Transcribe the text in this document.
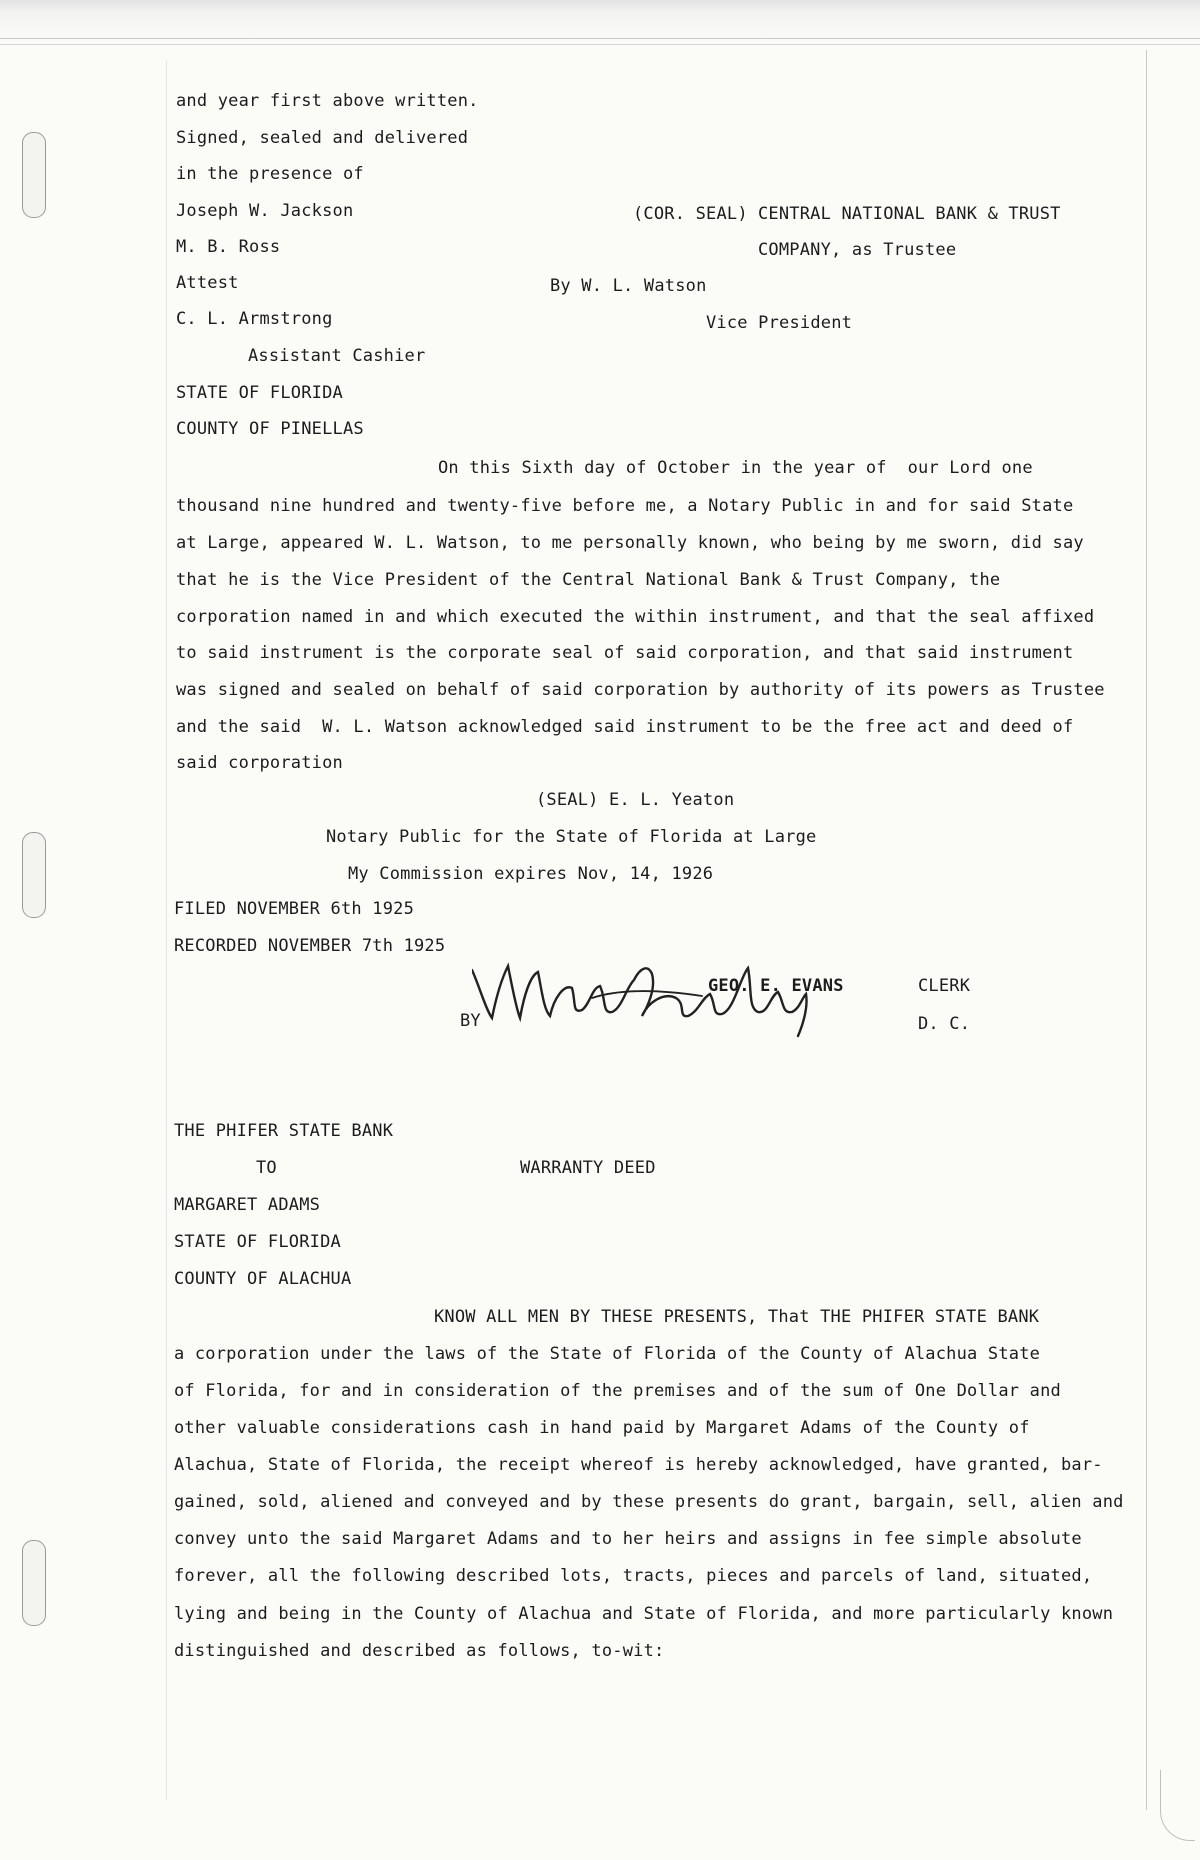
and year first above written.
Signed, sealed and delivered
in the presence of
Joseph W. Jackson	(COR. SEAL) CENTRAL NATIONAL BANK & TRUST
M. B. Ross	COMPANY, as Trustee
Attest	By W. L. Watson
C. L. Armstrong	Vice President
Assistant Cashier
STATE OF FLORIDA
COUNTY OF PINELLAS
On this Sixth day of October in the year of  our Lord one
thousand nine hundred and twenty-five before me, a Notary Public in and for said State
at Large, appeared W. L. Watson, to me personally known, who being by me sworn, did say
that he is the Vice President of the Central National Bank & Trust Company, the
corporation named in and which executed the within instrument, and that the seal affixed
to said instrument is the corporate seal of said corporation, and that said instrument
was signed and sealed on behalf of said corporation by authority of its powers as Trustee
and the said  W. L. Watson acknowledged said instrument to be the free act and deed of
said corporation
(SEAL) E. L. Yeaton
Notary Public for the State of Florida at Large
My Commission expires Nov, 14, 1926
FILED NOVEMBER 6th 1925
RECORDED NOVEMBER 7th 1925
GEO. E. EVANS	CLERK
BY	D. C.
THE PHIFER STATE BANK
TO	WARRANTY DEED
MARGARET ADAMS
STATE OF FLORIDA
COUNTY OF ALACHUA
KNOW ALL MEN BY THESE PRESENTS, That THE PHIFER STATE BANK
a corporation under the laws of the State of Florida of the County of Alachua State
of Florida, for and in consideration of the premises and of the sum of One Dollar and
other valuable considerations cash in hand paid by Margaret Adams of the County of
Alachua, State of Florida, the receipt whereof is hereby acknowledged, have granted, bar-
gained, sold, aliened and conveyed and by these presents do grant, bargain, sell, alien and
convey unto the said Margaret Adams and to her heirs and assigns in fee simple absolute
forever, all the following described lots, tracts, pieces and parcels of land, situated,
lying and being in the County of Alachua and State of Florida, and more particularly known
distinguished and described as follows, to-wit:
